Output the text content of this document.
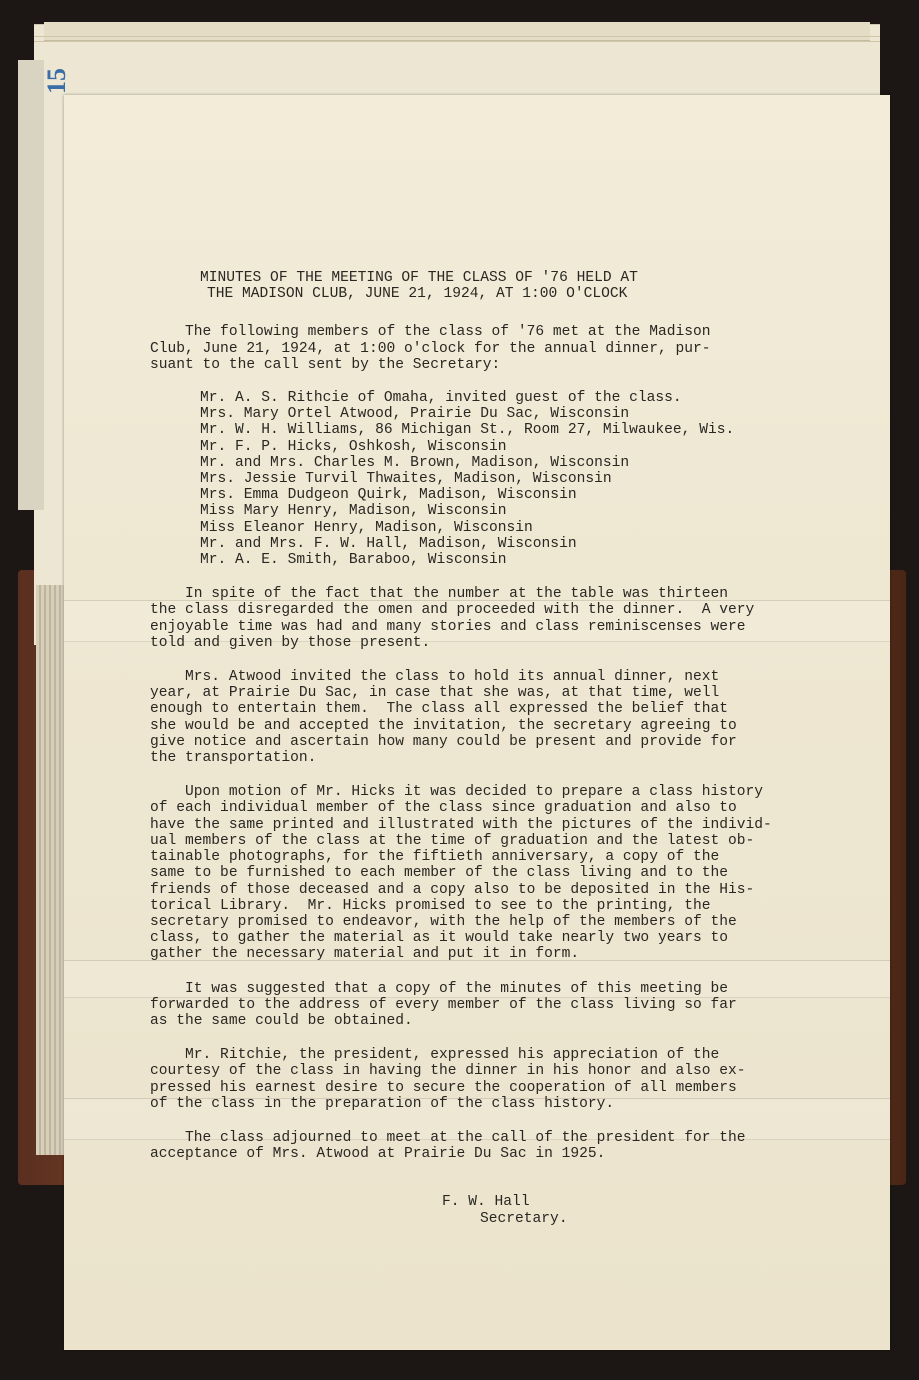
15
MINUTES OF THE MEETING OF THE CLASS OF '76 HELD AT
THE MADISON CLUB, JUNE 21, 1924, AT 1:00 O'CLOCK
The following members of the class of '76 met at the Madison
Club, June 21, 1924, at 1:00 o'clock for the annual dinner, pur-
suant to the call sent by the Secretary:
Mr. A. S. Rithcie of Omaha, invited guest of the class.
Mrs. Mary Ortel Atwood, Prairie Du Sac, Wisconsin
Mr. W. H. Williams, 86 Michigan St., Room 27, Milwaukee, Wis.
Mr. F. P. Hicks, Oshkosh, Wisconsin
Mr. and Mrs. Charles M. Brown, Madison, Wisconsin
Mrs. Jessie Turvil Thwaites, Madison, Wisconsin
Mrs. Emma Dudgeon Quirk, Madison, Wisconsin
Miss Mary Henry, Madison, Wisconsin
Miss Eleanor Henry, Madison, Wisconsin
Mr. and Mrs. F. W. Hall, Madison, Wisconsin
Mr. A. E. Smith, Baraboo, Wisconsin
In spite of the fact that the number at the table was thirteen
the class disregarded the omen and proceeded with the dinner.  A very
enjoyable time was had and many stories and class reminiscenses were
told and given by those present.
Mrs. Atwood invited the class to hold its annual dinner, next
year, at Prairie Du Sac, in case that she was, at that time, well
enough to entertain them.  The class all expressed the belief that
she would be and accepted the invitation, the secretary agreeing to
give notice and ascertain how many could be present and provide for
the transportation.
Upon motion of Mr. Hicks it was decided to prepare a class history
of each individual member of the class since graduation and also to
have the same printed and illustrated with the pictures of the individ-
ual members of the class at the time of graduation and the latest ob-
tainable photographs, for the fiftieth anniversary, a copy of the
same to be furnished to each member of the class living and to the
friends of those deceased and a copy also to be deposited in the His-
torical Library.  Mr. Hicks promised to see to the printing, the
secretary promised to endeavor, with the help of the members of the
class, to gather the material as it would take nearly two years to
gather the necessary material and put it in form.
It was suggested that a copy of the minutes of this meeting be
forwarded to the address of every member of the class living so far
as the same could be obtained.
Mr. Ritchie, the president, expressed his appreciation of the
courtesy of the class in having the dinner in his honor and also ex-
pressed his earnest desire to secure the cooperation of all members
of the class in the preparation of the class history.
The class adjourned to meet at the call of the president for the
acceptance of Mrs. Atwood at Prairie Du Sac in 1925.
F. W. Hall
Secretary.
